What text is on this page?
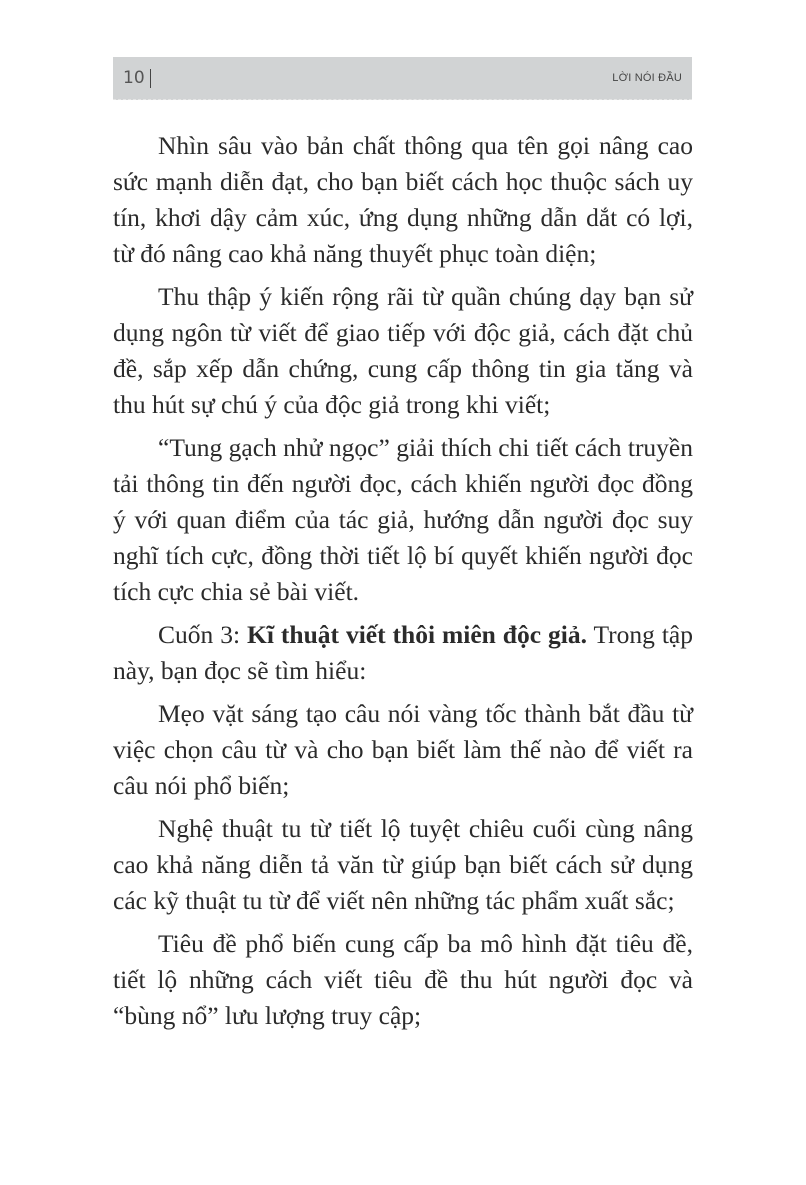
10	LỜI NÓI ĐẦU

Nhìn sâu vào bản chất thông qua tên gọi nâng cao sức mạnh diễn đạt, cho bạn biết cách học thuộc sách uy tín, khơi dậy cảm xúc, ứng dụng những dẫn dắt có lợi, từ đó nâng cao khả năng thuyết phục toàn diện;

Thu thập ý kiến rộng rãi từ quần chúng dạy bạn sử dụng ngôn từ viết để giao tiếp với độc giả, cách đặt chủ đề, sắp xếp dẫn chứng, cung cấp thông tin gia tăng và thu hút sự chú ý của độc giả trong khi viết;

“Tung gạch nhử ngọc” giải thích chi tiết cách truyền tải thông tin đến người đọc, cách khiến người đọc đồng ý với quan điểm của tác giả, hướng dẫn người đọc suy nghĩ tích cực, đồng thời tiết lộ bí quyết khiến người đọc tích cực chia sẻ bài viết.

Cuốn 3: Kĩ thuật viết thôi miên độc giả. Trong tập này, bạn đọc sẽ tìm hiểu:

Mẹo vặt sáng tạo câu nói vàng tốc thành bắt đầu từ việc chọn câu từ và cho bạn biết làm thế nào để viết ra câu nói phổ biến;

Nghệ thuật tu từ tiết lộ tuyệt chiêu cuối cùng nâng cao khả năng diễn tả văn từ giúp bạn biết cách sử dụng các kỹ thuật tu từ để viết nên những tác phẩm xuất sắc;

Tiêu đề phổ biến cung cấp ba mô hình đặt tiêu đề, tiết lộ những cách viết tiêu đề thu hút người đọc và “bùng nổ” lưu lượng truy cập;
